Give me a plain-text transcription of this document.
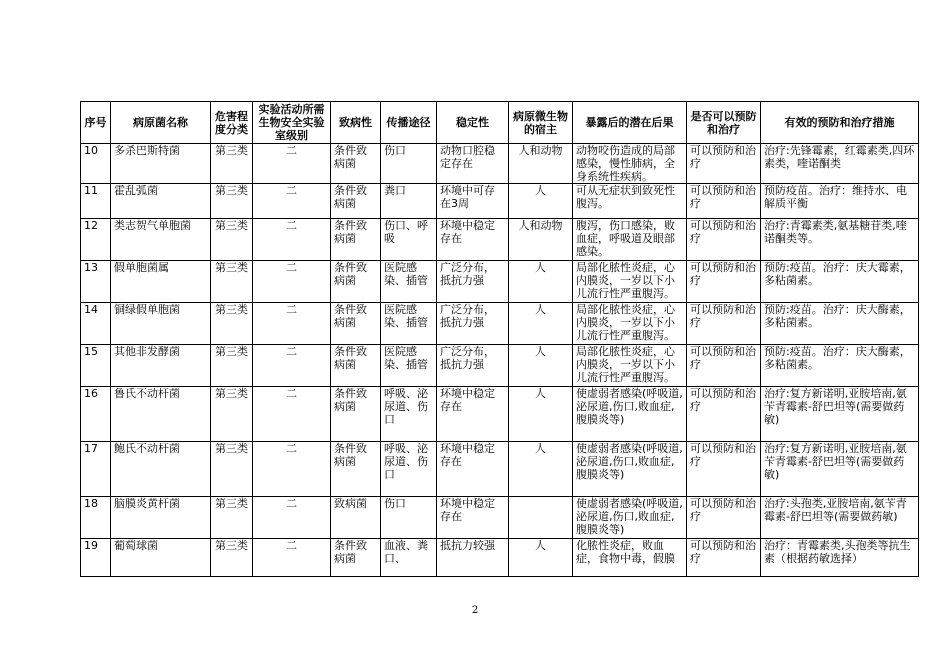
序号	病原菌名称	危害程度分类	实验活动所需生物安全实验室级别	致病性	传播途径	稳定性	病原微生物的宿主	暴露后的潜在后果	是否可以预防和治疗	有效的预防和治疗措施
10	多杀巴斯特菌	第三类	二	条件致病菌	伤口	动物口腔稳定存在	人和动物	动物咬伤造成的局部感染，慢性肺病，全身系统性疾病。	可以预防和治疗	治疗:先锋霉素，红霉素类,四环素类，喹诺酮类
11	霍乱弧菌	第三类	二	条件致病菌	粪口	环境中可存在3周	人	可从无症状到致死性腹泻。	可以预防和治疗	预防疫苗。治疗：维持水、电解质平衡
12	类志贺气单胞菌	第三类	二	条件致病菌	伤口、呼吸	环境中稳定存在	人和动物	腹泻，伤口感染，败血症，呼吸道及眼部感染。	可以预防和治疗	治疗:青霉素类,氨基糖苷类,喹诺酮类等。
13	假单胞菌属	第三类	二	条件致病菌	医院感染、插管	广泛分布，抵抗力强	人	局部化脓性炎症，心内膜炎，一岁以下小儿流行性严重腹泻。	可以预防和治疗	预防:疫苗。治疗：庆大霉素，多粘菌素。
14	铜绿假单胞菌	第三类	二	条件致病菌	医院感染、插管	广泛分布，抵抗力强	人	局部化脓性炎症，心内膜炎，一岁以下小儿流行性严重腹泻。	可以预防和治疗	预防:疫苗。治疗：庆大酶素，多粘菌素。
15	其他非发酵菌	第三类	二	条件致病菌	医院感染、插管	广泛分布，抵抗力强	人	局部化脓性炎症，心内膜炎，一岁以下小儿流行性严重腹泻。	可以预防和治疗	预防:疫苗。治疗：庆大酶素，多粘菌素。
16	鲁氏不动杆菌	第三类	二	条件致病菌	呼吸、泌尿道、伤口	环境中稳定存在	人	使虚弱者感染(呼吸道,泌尿道,伤口,败血症,腹膜炎等)	可以预防和治疗	治疗:复方新诺明,亚胺培南,氨苄青霉素-舒巴坦等(需要做药敏)
17	鲍氏不动杆菌	第三类	二	条件致病菌	呼吸、泌尿道、伤口	环境中稳定存在	人	使虚弱者感染(呼吸道,泌尿道,伤口,败血症,腹膜炎等)	可以预防和治疗	治疗:复方新诺明,亚胺培南,氨苄青霉素-舒巴坦等(需要做药敏)
18	脑膜炎黄杆菌	第三类	二	致病菌	伤口	环境中稳定存在		使虚弱者感染(呼吸道,泌尿道,伤口,败血症,腹膜炎等)	可以预防和治疗	治疗:头孢类,亚胺培南,氨苄青霉素-舒巴坦等(需要做药敏)
19	葡萄球菌	第三类	二	条件致病菌	血液、粪口、	抵抗力较强	人	化脓性炎症，败血症，食物中毒，假膜	可以预防和治疗	治疗：青霉素类,头孢类等抗生素（根据药敏选择）
2
